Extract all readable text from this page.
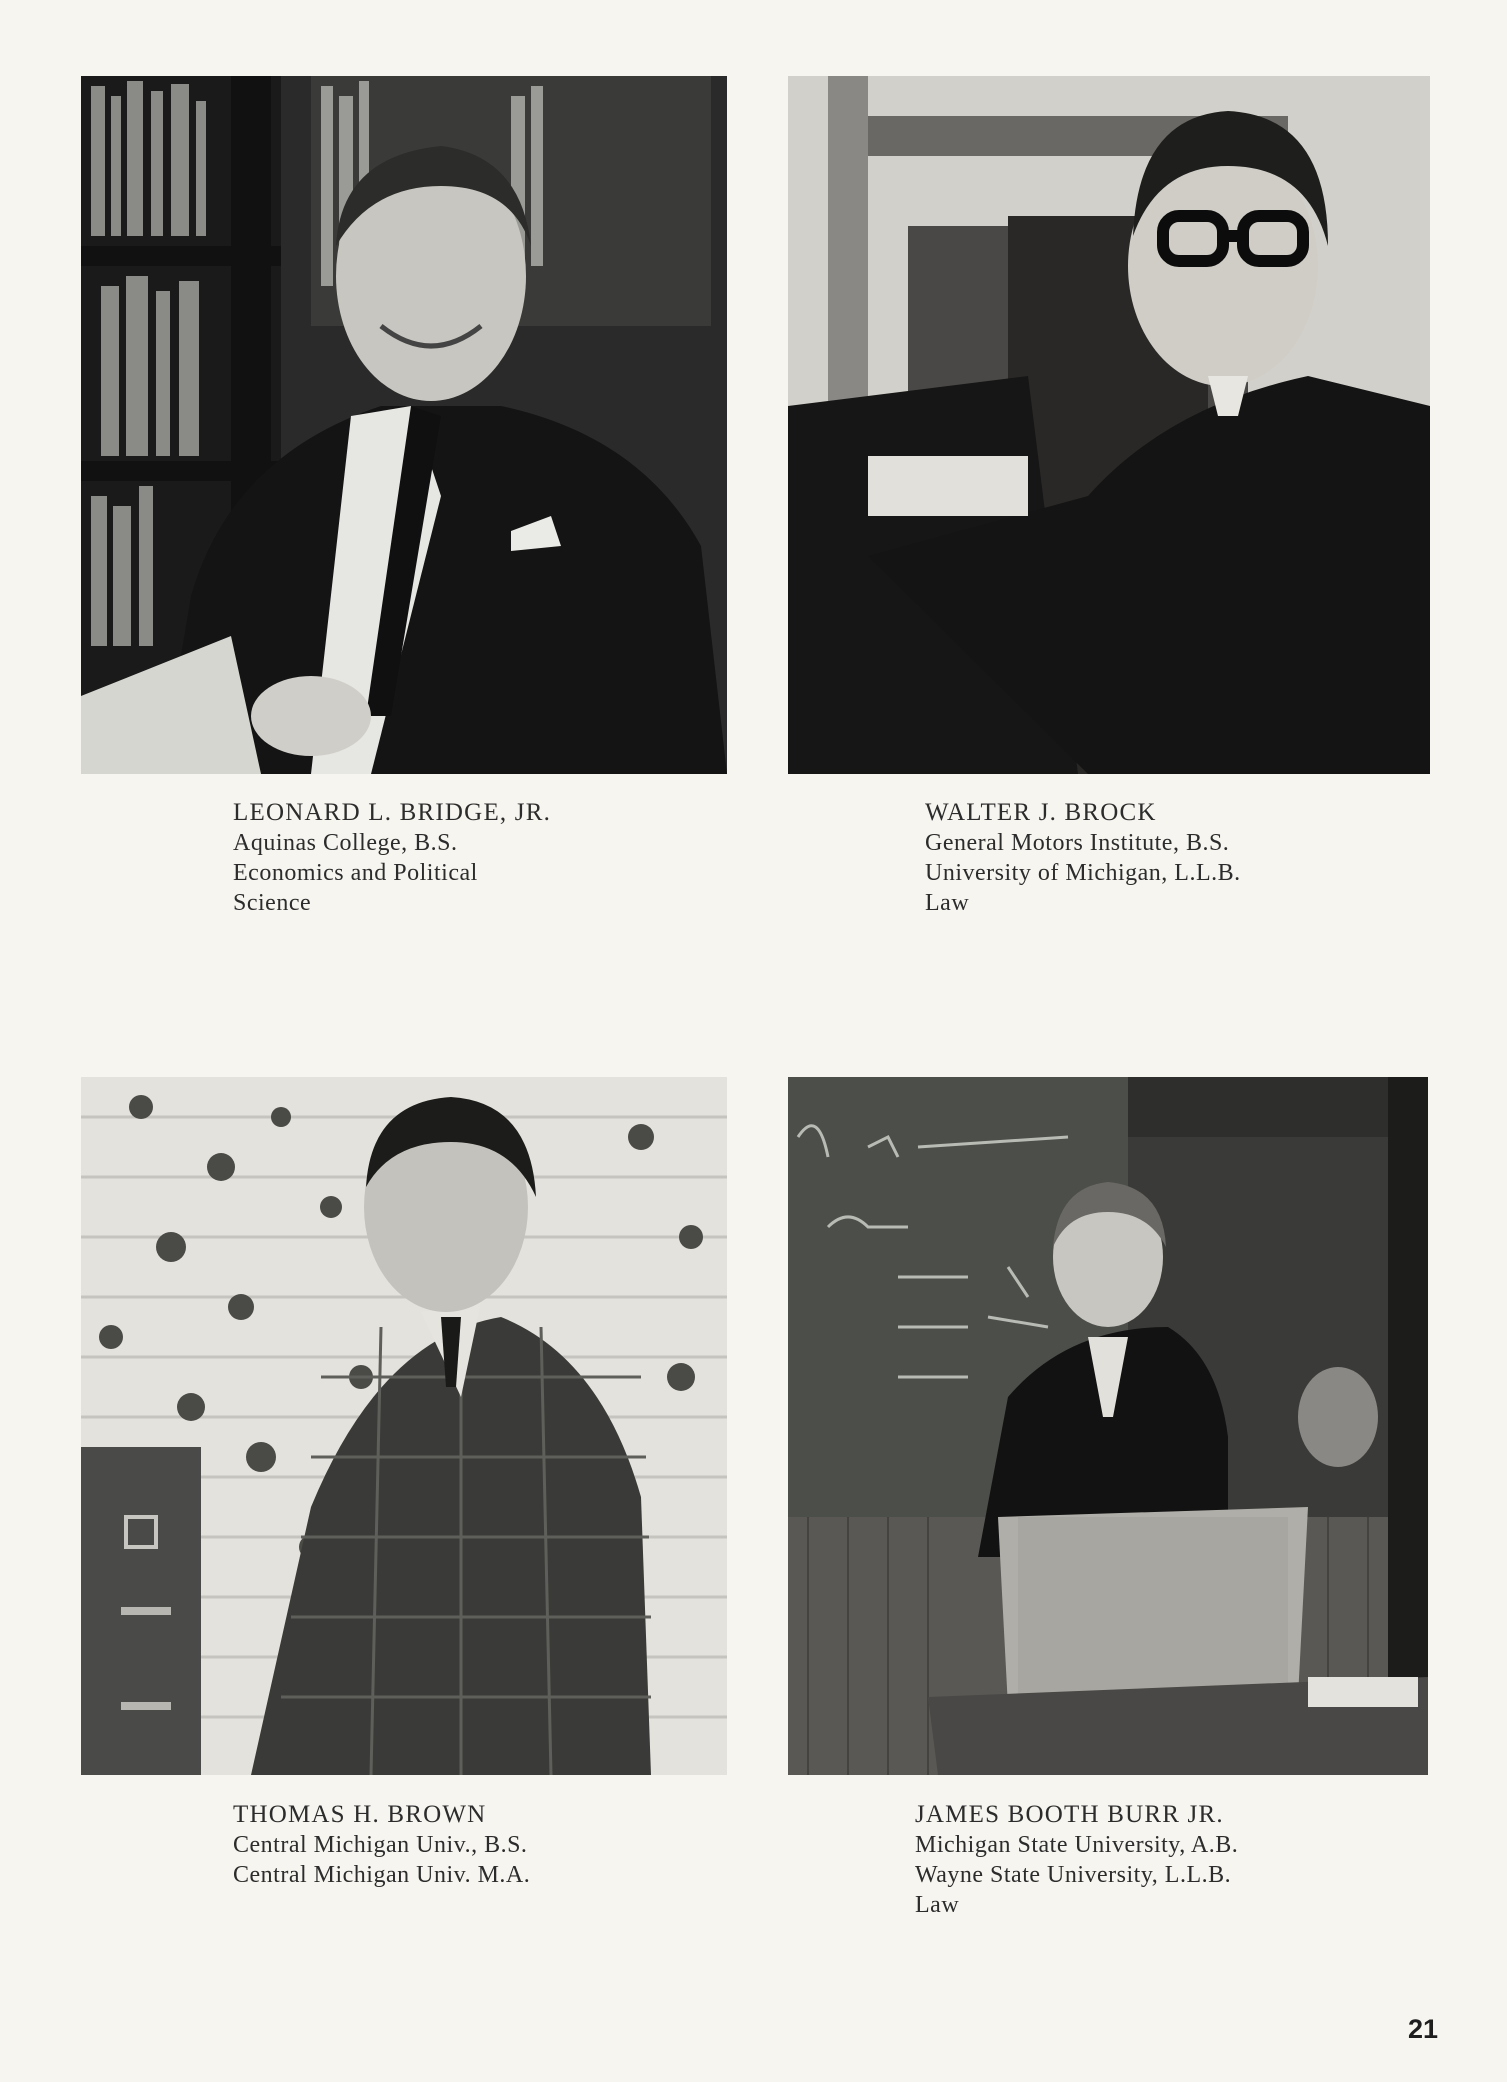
LEONARD L. BRIDGE, JR.
Aquinas College, B.S.
Economics and Political
Science
WALTER J. BROCK
General Motors Institute, B.S.
University of Michigan, L.L.B.
Law
THOMAS H. BROWN
Central Michigan Univ., B.S.
Central Michigan Univ. M.A.
JAMES BOOTH BURR JR.
Michigan State University, A.B.
Wayne State University, L.L.B.
Law
21
